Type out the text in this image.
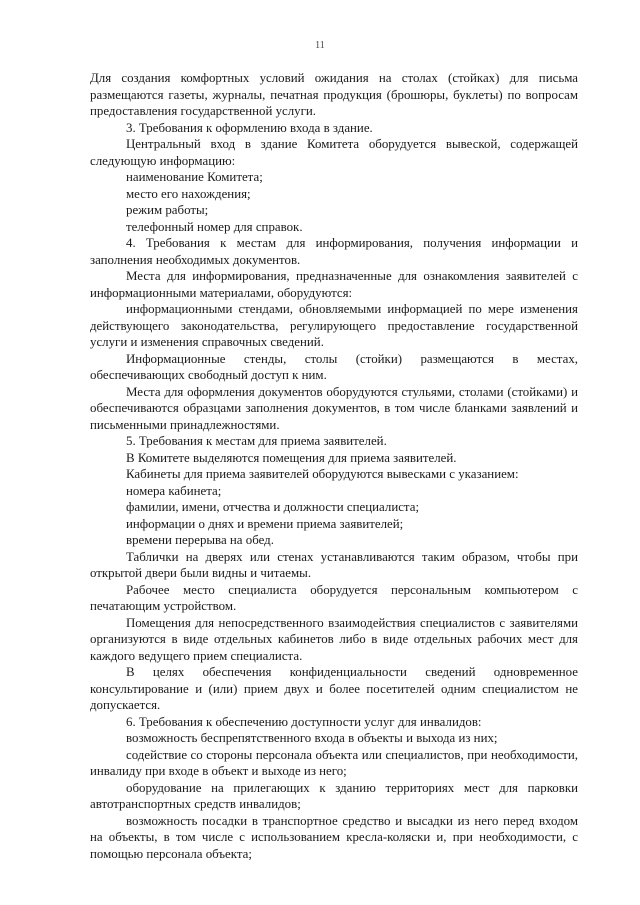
11

Для создания комфортных условий ожидания на столах (стойках) для письма размещаются газеты, журналы, печатная продукция (брошюры, буклеты) по вопросам предоставления государственной услуги.

3. Требования к оформлению входа в здание.

Центральный вход в здание Комитета оборудуется вывеской, содержащей следующую информацию:

наименование Комитета;

место его нахождения;

режим работы;

телефонный номер для справок.

4. Требования к местам для информирования, получения информации и заполнения необходимых документов.

Места для информирования, предназначенные для ознакомления заявителей с информационными материалами, оборудуются:

информационными стендами, обновляемыми информацией по мере изменения действующего законодательства, регулирующего предоставление государственной услуги и изменения справочных сведений.

Информационные стенды, столы (стойки) размещаются в местах, обеспечивающих свободный доступ к ним.

Места для оформления документов оборудуются стульями, столами (стойками) и обеспечиваются образцами заполнения документов, в том числе бланками заявлений и письменными принадлежностями.

5. Требования к местам для приема заявителей.

В Комитете выделяются помещения для приема заявителей.

Кабинеты для приема заявителей оборудуются вывесками с указанием:

номера кабинета;

фамилии, имени, отчества и должности специалиста;

информации о днях и времени приема заявителей;

времени перерыва на обед.

Таблички на дверях или стенах устанавливаются таким образом, чтобы при открытой двери были видны и читаемы.

Рабочее место специалиста оборудуется персональным компьютером с печатающим устройством.

Помещения для непосредственного взаимодействия специалистов с заявителями организуются в виде отдельных кабинетов либо в виде отдельных рабочих мест для каждого ведущего прием специалиста.

В целях обеспечения конфиденциальности сведений одновременное консультирование и (или) прием двух и более посетителей одним специалистом не допускается.

6. Требования к обеспечению доступности услуг для инвалидов:

возможность беспрепятственного входа в объекты и выхода из них;

содействие со стороны персонала объекта или специалистов, при необходимости, инвалиду при входе в объект и выходе из него;

оборудование на прилегающих к зданию территориях мест для парковки автотранспортных средств инвалидов;

возможность посадки в транспортное средство и высадки из него перед входом на объекты, в том числе с использованием кресла-коляски и, при необходимости, с помощью персонала объекта;
